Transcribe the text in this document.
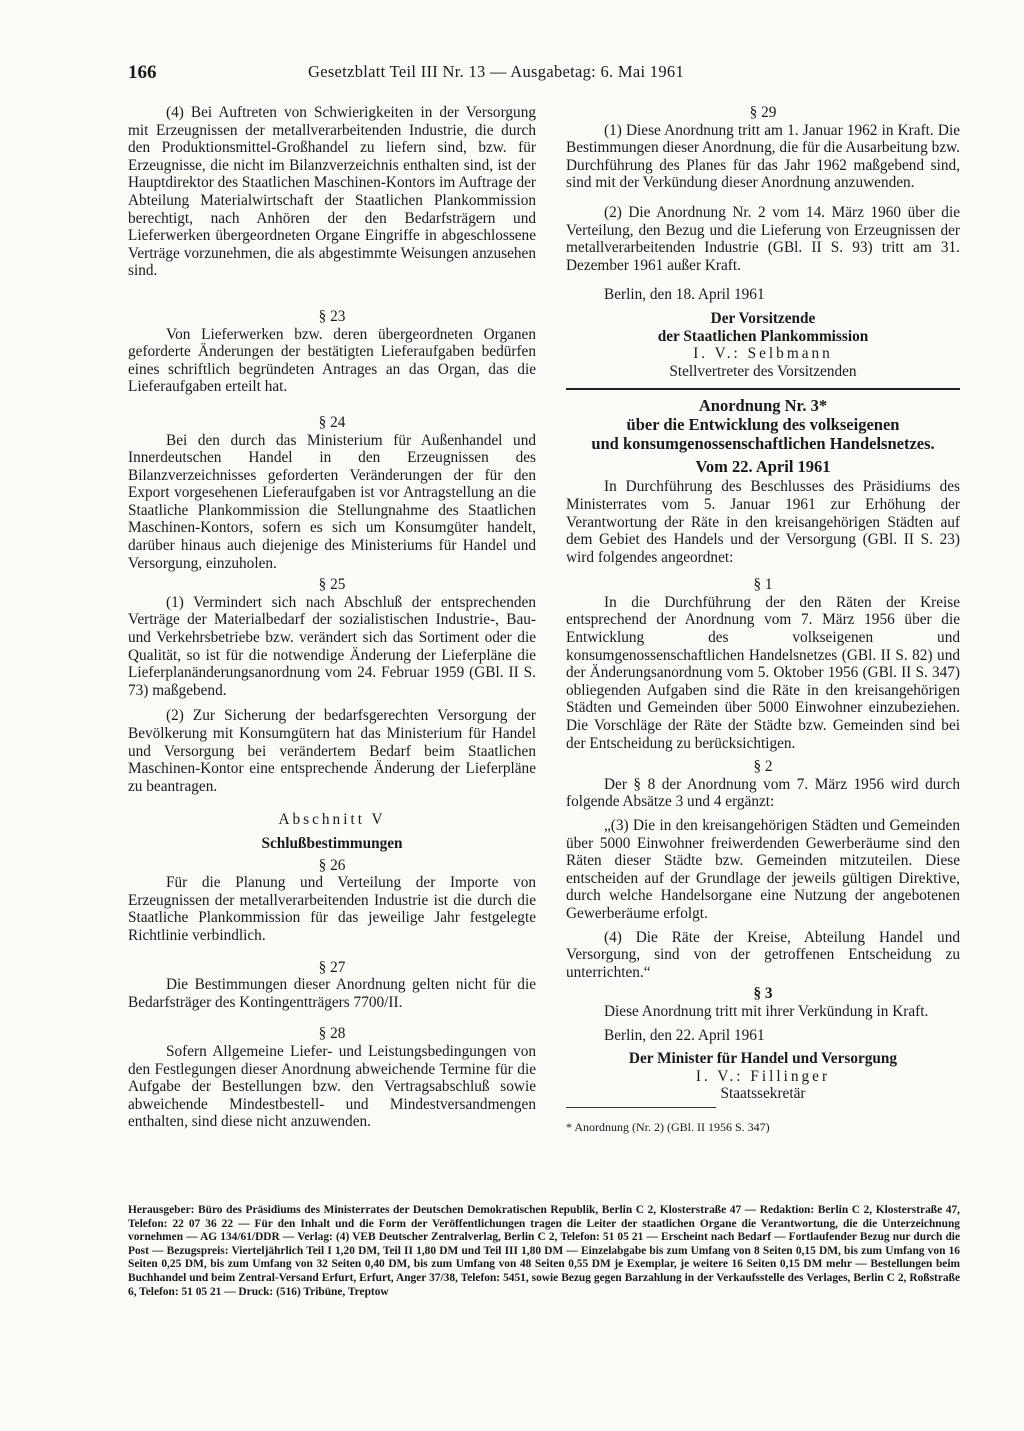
166	Gesetzblatt Teil III Nr. 13 — Ausgabetag: 6. Mai 1961

(4) Bei Auftreten von Schwierigkeiten in der Versorgung mit Erzeugnissen der metallverarbeitenden Industrie, die durch den Produktionsmittel-Großhandel zu liefern sind, bzw. für Erzeugnisse, die nicht im Bilanzverzeichnis enthalten sind, ist der Hauptdirektor des Staatlichen Maschinen-Kontors im Auftrage der Abteilung Materialwirtschaft der Staatlichen Plankommission berechtigt, nach Anhören der den Bedarfsträgern und Lieferwerken übergeordneten Organe Eingriffe in abgeschlossene Verträge vorzunehmen, die als abgestimmte Weisungen anzusehen sind.

§ 23

Von Lieferwerken bzw. deren übergeordneten Organen geforderte Änderungen der bestätigten Lieferaufgaben bedürfen eines schriftlich begründeten Antrages an das Organ, das die Lieferaufgaben erteilt hat.

§ 24

Bei den durch das Ministerium für Außenhandel und Innerdeutschen Handel in den Erzeugnissen des Bilanzverzeichnisses geforderten Veränderungen der für den Export vorgesehenen Lieferaufgaben ist vor Antragstellung an die Staatliche Plankommission die Stellungnahme des Staatlichen Maschinen-Kontors, sofern es sich um Konsumgüter handelt, darüber hinaus auch diejenige des Ministeriums für Handel und Versorgung, einzuholen.

§ 25

(1) Vermindert sich nach Abschluß der entsprechenden Verträge der Materialbedarf der sozialistischen Industrie-, Bau- und Verkehrsbetriebe bzw. verändert sich das Sortiment oder die Qualität, so ist für die notwendige Änderung der Lieferpläne die Lieferplanänderungsanordnung vom 24. Februar 1959 (GBl. II S. 73) maßgebend.

(2) Zur Sicherung der bedarfsgerechten Versorgung der Bevölkerung mit Konsumgütern hat das Ministerium für Handel und Versorgung bei verändertem Bedarf beim Staatlichen Maschinen-Kontor eine entsprechende Änderung der Lieferpläne zu beantragen.

Abschnitt V

Schlußbestimmungen

§ 26

Für die Planung und Verteilung der Importe von Erzeugnissen der metallverarbeitenden Industrie ist die durch die Staatliche Plankommission für das jeweilige Jahr festgelegte Richtlinie verbindlich.

§ 27

Die Bestimmungen dieser Anordnung gelten nicht für die Bedarfsträger des Kontingentträgers 7700/II.

§ 28

Sofern Allgemeine Liefer- und Leistungsbedingungen von den Festlegungen dieser Anordnung abweichende Termine für die Aufgabe der Bestellungen bzw. den Vertragsabschluß sowie abweichende Mindestbestell- und Mindestversandmengen enthalten, sind diese nicht anzuwenden.

§ 29

(1) Diese Anordnung tritt am 1. Januar 1962 in Kraft. Die Bestimmungen dieser Anordnung, die für die Ausarbeitung bzw. Durchführung des Planes für das Jahr 1962 maßgebend sind, sind mit der Verkündung dieser Anordnung anzuwenden.

(2) Die Anordnung Nr. 2 vom 14. März 1960 über die Verteilung, den Bezug und die Lieferung von Erzeugnissen der metallverarbeitenden Industrie (GBl. II S. 93) tritt am 31. Dezember 1961 außer Kraft.

Berlin, den 18. April 1961

Der Vorsitzende

der Staatlichen Plankommission

I. V.: Selbmann

Stellvertreter des Vorsitzenden

Anordnung Nr. 3*

über die Entwicklung des volkseigenen

und konsumgenossenschaftlichen Handelsnetzes.

Vom 22. April 1961

In Durchführung des Beschlusses des Präsidiums des Ministerrates vom 5. Januar 1961 zur Erhöhung der Verantwortung der Räte in den kreisangehörigen Städten auf dem Gebiet des Handels und der Versorgung (GBl. II S. 23) wird folgendes angeordnet:

§ 1

In die Durchführung der den Räten der Kreise entsprechend der Anordnung vom 7. März 1956 über die Entwicklung des volkseigenen und konsumgenossenschaftlichen Handelsnetzes (GBl. II S. 82) und der Änderungsanordnung vom 5. Oktober 1956 (GBl. II S. 347) obliegenden Aufgaben sind die Räte in den kreisangehörigen Städten und Gemeinden über 5000 Einwohner einzubeziehen. Die Vorschläge der Räte der Städte bzw. Gemeinden sind bei der Entscheidung zu berücksichtigen.

§ 2

Der § 8 der Anordnung vom 7. März 1956 wird durch folgende Absätze 3 und 4 ergänzt:

„(3) Die in den kreisangehörigen Städten und Gemeinden über 5000 Einwohner freiwerdenden Gewerberäume sind den Räten dieser Städte bzw. Gemeinden mitzuteilen. Diese entscheiden auf der Grundlage der jeweils gültigen Direktive, durch welche Handelsorgane eine Nutzung der angebotenen Gewerberäume erfolgt.

(4) Die Räte der Kreise, Abteilung Handel und Versorgung, sind von der getroffenen Entscheidung zu unterrichten.“

§ 3

Diese Anordnung tritt mit ihrer Verkündung in Kraft.

Berlin, den 22. April 1961

Der Minister für Handel und Versorgung

I. V.: Fillinger

Staatssekretär

* Anordnung (Nr. 2) (GBl. II 1956 S. 347)

Herausgeber: Büro des Präsidiums des Ministerrates der Deutschen Demokratischen Republik, Berlin C 2, Klosterstraße 47 — Redaktion: Berlin C 2, Klosterstraße 47, Telefon: 22 07 36 22 — Für den Inhalt und die Form der Veröffentlichungen tragen die Leiter der staatlichen Organe die Verantwortung, die die Unterzeichnung vornehmen — AG 134/61/DDR — Verlag: (4) VEB Deutscher Zentralverlag, Berlin C 2, Telefon: 51 05 21 — Erscheint nach Bedarf — Fortlaufender Bezug nur durch die Post — Bezugspreis: Vierteljährlich Teil I 1,20 DM, Teil II 1,80 DM und Teil III 1,80 DM — Einzelabgabe bis zum Umfang von 8 Seiten 0,15 DM, bis zum Umfang von 16 Seiten 0,25 DM, bis zum Umfang von 32 Seiten 0,40 DM, bis zum Umfang von 48 Seiten 0,55 DM je Exemplar, je weitere 16 Seiten 0,15 DM mehr — Bestellungen beim Buchhandel und beim Zentral-Versand Erfurt, Erfurt, Anger 37/38, Telefon: 5451, sowie Bezug gegen Barzahlung in der Verkaufsstelle des Verlages, Berlin C 2, Roßstraße 6, Telefon: 51 05 21 — Druck: (516) Tribüne, Treptow
